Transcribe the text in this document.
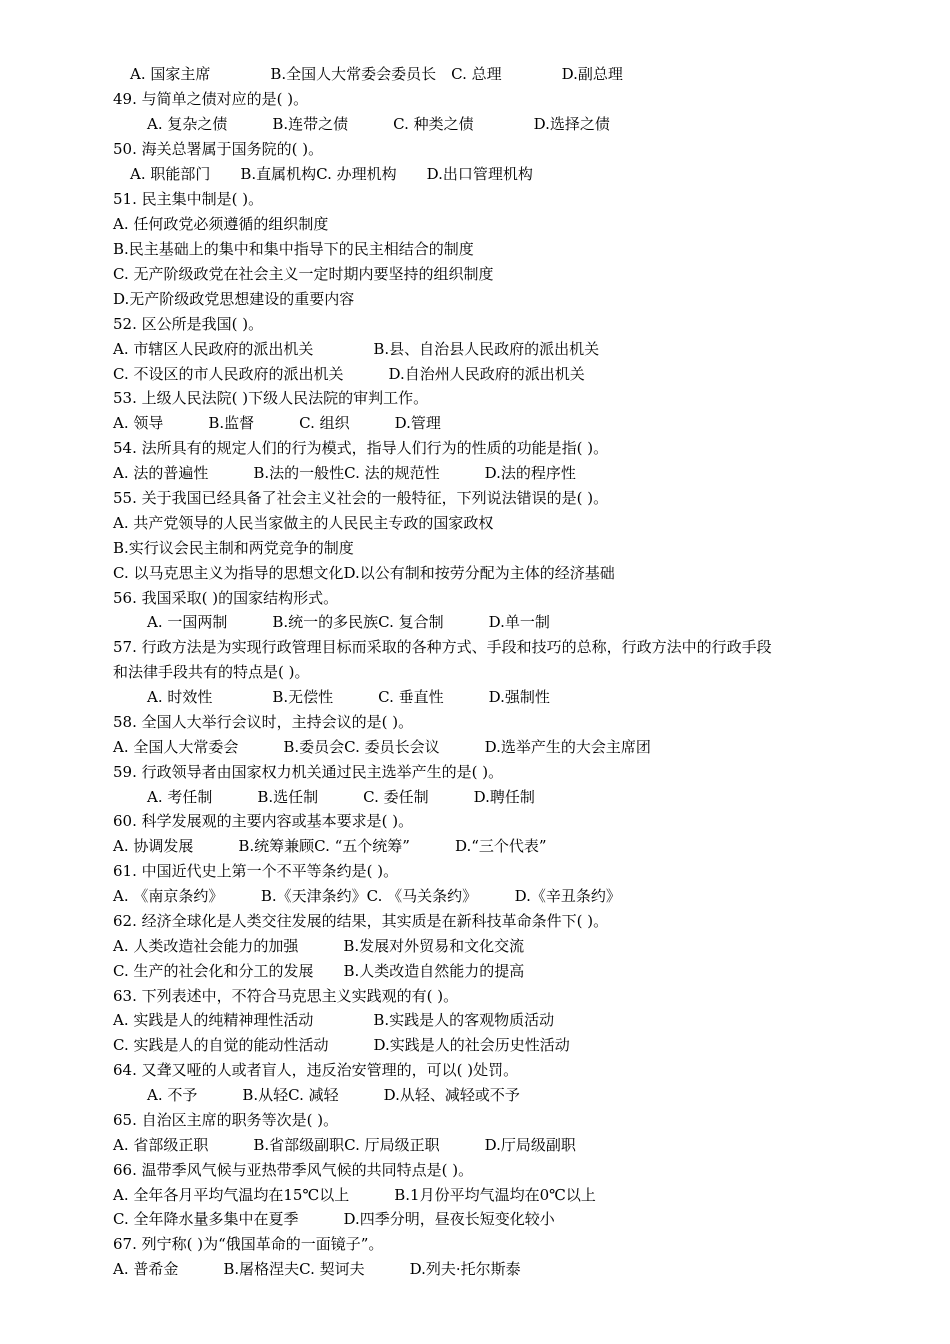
A. 国家主席　　　　B.全国人大常委会委员长　C. 总理　　　　D.副总理
49. 与简单之债对应的是( )。
A. 复杂之债　　　B.连带之债　　　C. 种类之债　　　　D.选择之债
50. 海关总署属于国务院的( )。
A. 职能部门　　B.直属机构C. 办理机构　　D.出口管理机构
51. 民主集中制是( )。
A. 任何政党必须遵循的组织制度
B.民主基础上的集中和集中指导下的民主相结合的制度
C. 无产阶级政党在社会主义一定时期内要坚持的组织制度
D.无产阶级政党思想建设的重要内容
52. 区公所是我国( )。
A. 市辖区人民政府的派出机关　　　　B.县、自治县人民政府的派出机关
C. 不设区的市人民政府的派出机关　　　D.自治州人民政府的派出机关
53. 上级人民法院( )下级人民法院的审判工作。
A. 领导　　　B.监督　　　C. 组织　　　D.管理
54. 法所具有的规定人们的行为模式，指导人们行为的性质的功能是指( )。
A. 法的普遍性　　　B.法的一般性C. 法的规范性　　　D.法的程序性
55. 关于我国已经具备了社会主义社会的一般特征，下列说法错误的是( )。
A. 共产党领导的人民当家做主的人民民主专政的国家政权
B.实行议会民主制和两党竞争的制度
C. 以马克思主义为指导的思想文化D.以公有制和按劳分配为主体的经济基础
56. 我国采取( )的国家结构形式。
A. 一国两制　　　B.统一的多民族C. 复合制　　　D.单一制
57. 行政方法是为实现行政管理目标而采取的各种方式、手段和技巧的总称，行政方法中的行政手段
和法律手段共有的特点是( )。
A. 时效性　　　　B.无偿性　　　C. 垂直性　　　D.强制性
58. 全国人大举行会议时，主持会议的是( )。
A. 全国人大常委会　　　B.委员会C. 委员长会议　　　D.选举产生的大会主席团
59. 行政领导者由国家权力机关通过民主选举产生的是( )。
A. 考任制　　　B.选任制　　　C. 委任制　　　D.聘任制
60. 科学发展观的主要内容或基本要求是( )。
A. 协调发展　　　B.统筹兼顾C. “五个统筹”　　　D.“三个代表”
61. 中国近代史上第一个不平等条约是( )。
A. 《南京条约》　　　B.《天津条约》C. 《马关条约》　　　D.《辛丑条约》
62. 经济全球化是人类交往发展的结果，其实质是在新科技革命条件下( )。
A. 人类改造社会能力的加强　　　B.发展对外贸易和文化交流
C. 生产的社会化和分工的发展　　B.人类改造自然能力的提高
63. 下列表述中，不符合马克思主义实践观的有( )。
A. 实践是人的纯精神理性活动　　　　B.实践是人的客观物质活动
C. 实践是人的自觉的能动性活动　　　D.实践是人的社会历史性活动
64. 又聋又哑的人或者盲人，违反治安管理的，可以( )处罚。
A. 不予　　　B.从轻C. 减轻　　　D.从轻、减轻或不予
65. 自治区主席的职务等次是( )。
A. 省部级正职　　　B.省部级副职C. 厅局级正职　　　D.厅局级副职
66. 温带季风气候与亚热带季风气候的共同特点是( )。
A. 全年各月平均气温均在15℃以上　　　B.1月份平均气温均在0℃以上
C. 全年降水量多集中在夏季　　　D.四季分明，昼夜长短变化较小
67. 列宁称( )为“俄国革命的一面镜子”。
A. 普希金　　　B.屠格涅夫C. 契诃夫　　　D.列夫·托尔斯泰
